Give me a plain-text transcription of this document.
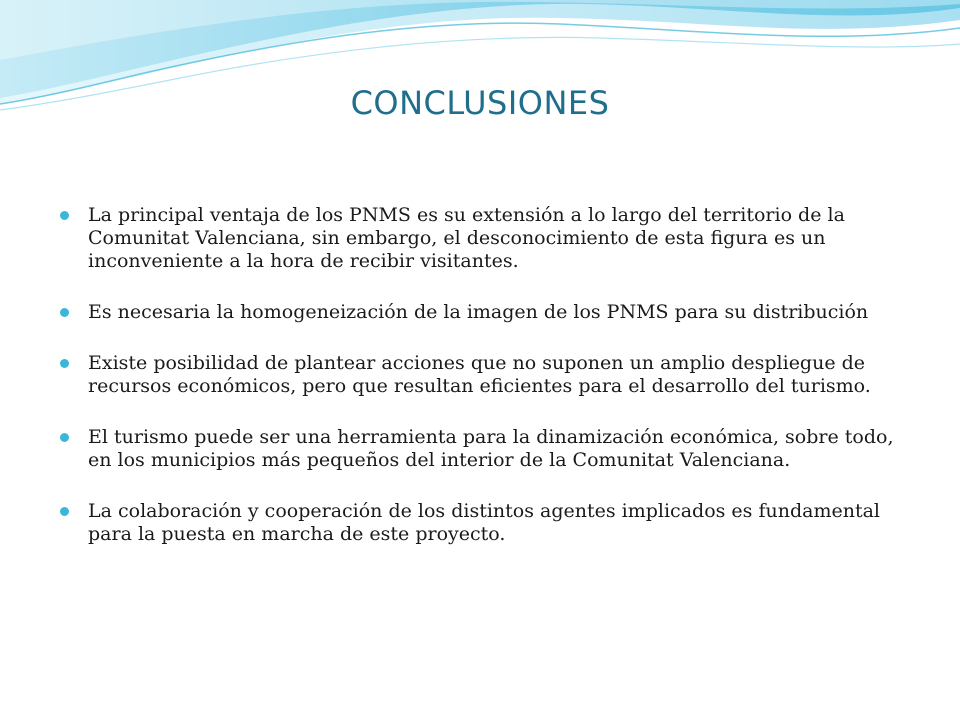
CONCLUSIONES
La principal ventaja de los PNMS es su extensión a lo largo del territorio de la Comunitat Valenciana, sin embargo, el desconocimiento de esta figura es un inconveniente a la hora de recibir visitantes.
Es necesaria la homogeneización de la imagen de los PNMS para su distribución
Existe posibilidad de plantear acciones que no suponen un amplio despliegue de recursos económicos, pero que resultan eficientes para el desarrollo del turismo.
El turismo puede ser una herramienta para la dinamización económica, sobre todo, en los municipios más pequeños del interior de la Comunitat Valenciana.
La colaboración y cooperación de los distintos agentes implicados es fundamental para la puesta en marcha de este proyecto.
